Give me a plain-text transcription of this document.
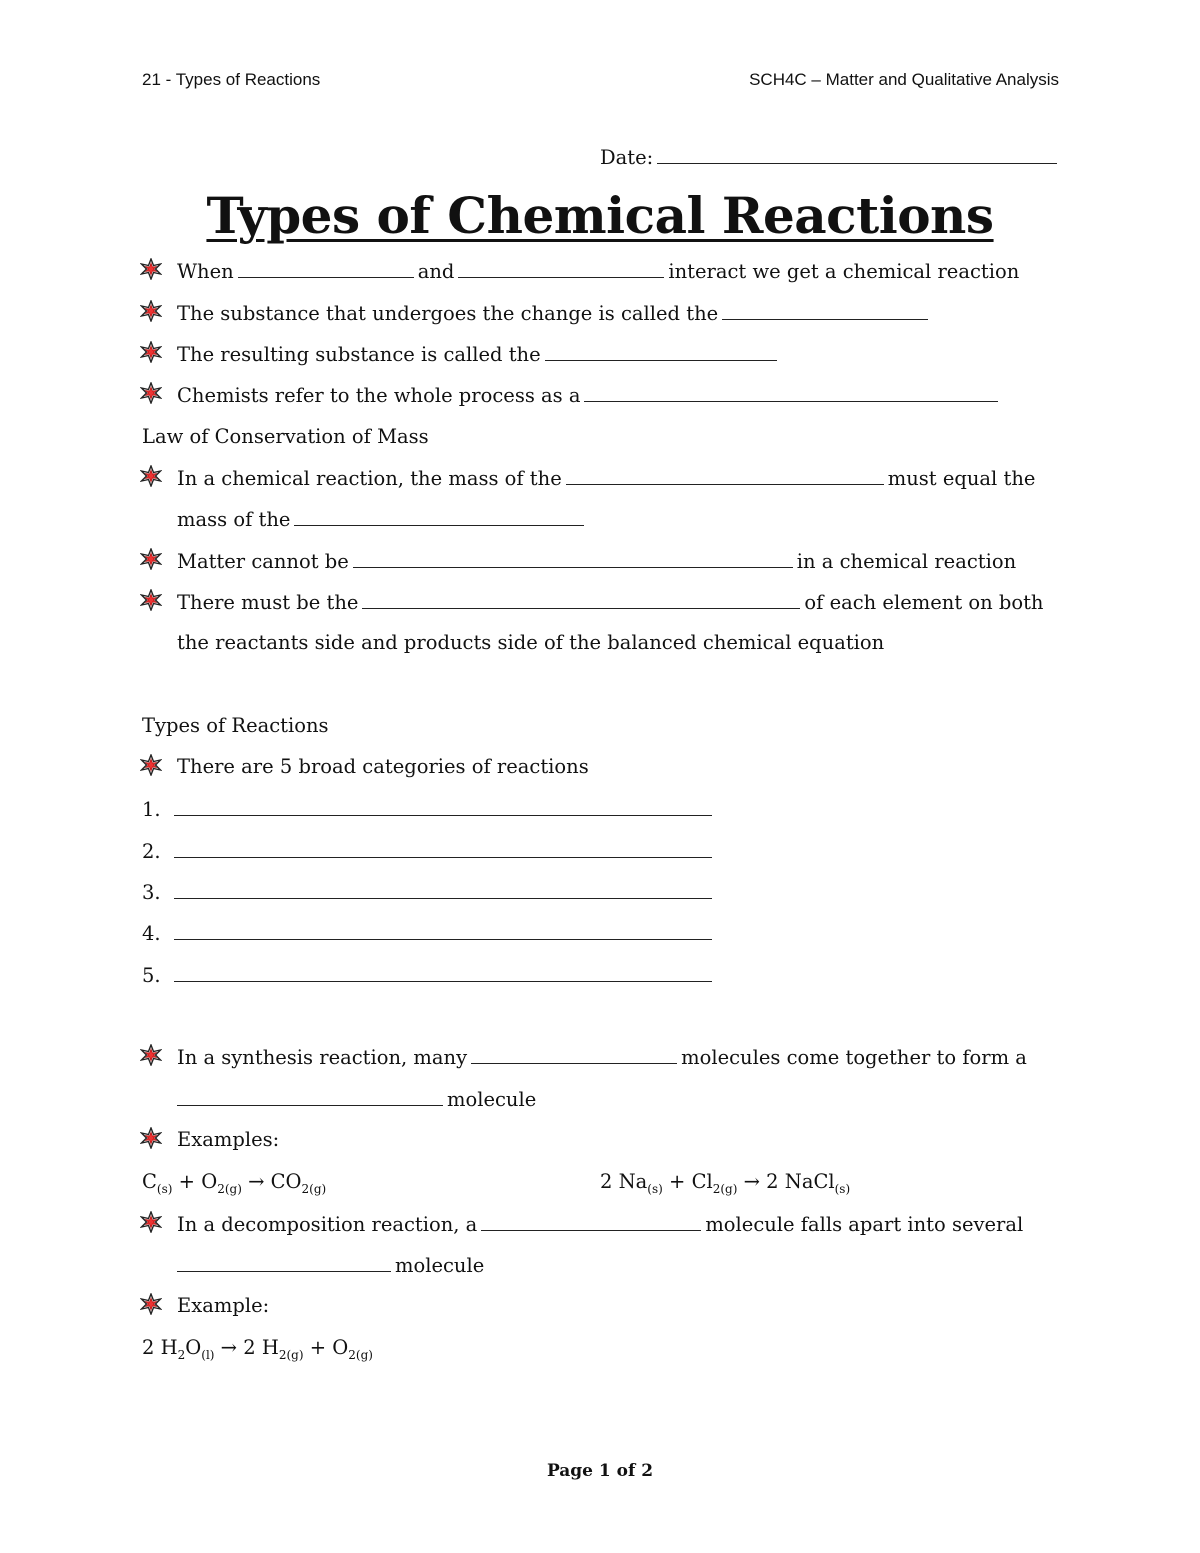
21 - Types of Reactions	SCH4C – Matter and Qualitative Analysis
Date:
Types of Chemical Reactions
When	and	interact we get a chemical reaction
The substance that undergoes the change is called the
The resulting substance is called the
Chemists refer to the whole process as a
Law of Conservation of Mass
In a chemical reaction, the mass of the	must equal the
mass of the
Matter cannot be	in a chemical reaction
There must be the	of each element on both
the reactants side and products side of the balanced chemical equation
Types of Reactions
There are 5 broad categories of reactions
1.
2.
3.
4.
5.
In a synthesis reaction, many	molecules come together to form a
molecule
Examples:
$C_{(s)} + O_{2(g)} \to CO_{2(g)}$	2 $Na_{(s)} + Cl_{2(g)} \to 2$ NaCl$_{(s)}$
In a decomposition reaction, a	molecule falls apart into several
molecule
Example:
2 $H_2O_{(l)} \to 2$ $H_{2(g)} + O_{2(g)}$
Page 1 of 2
